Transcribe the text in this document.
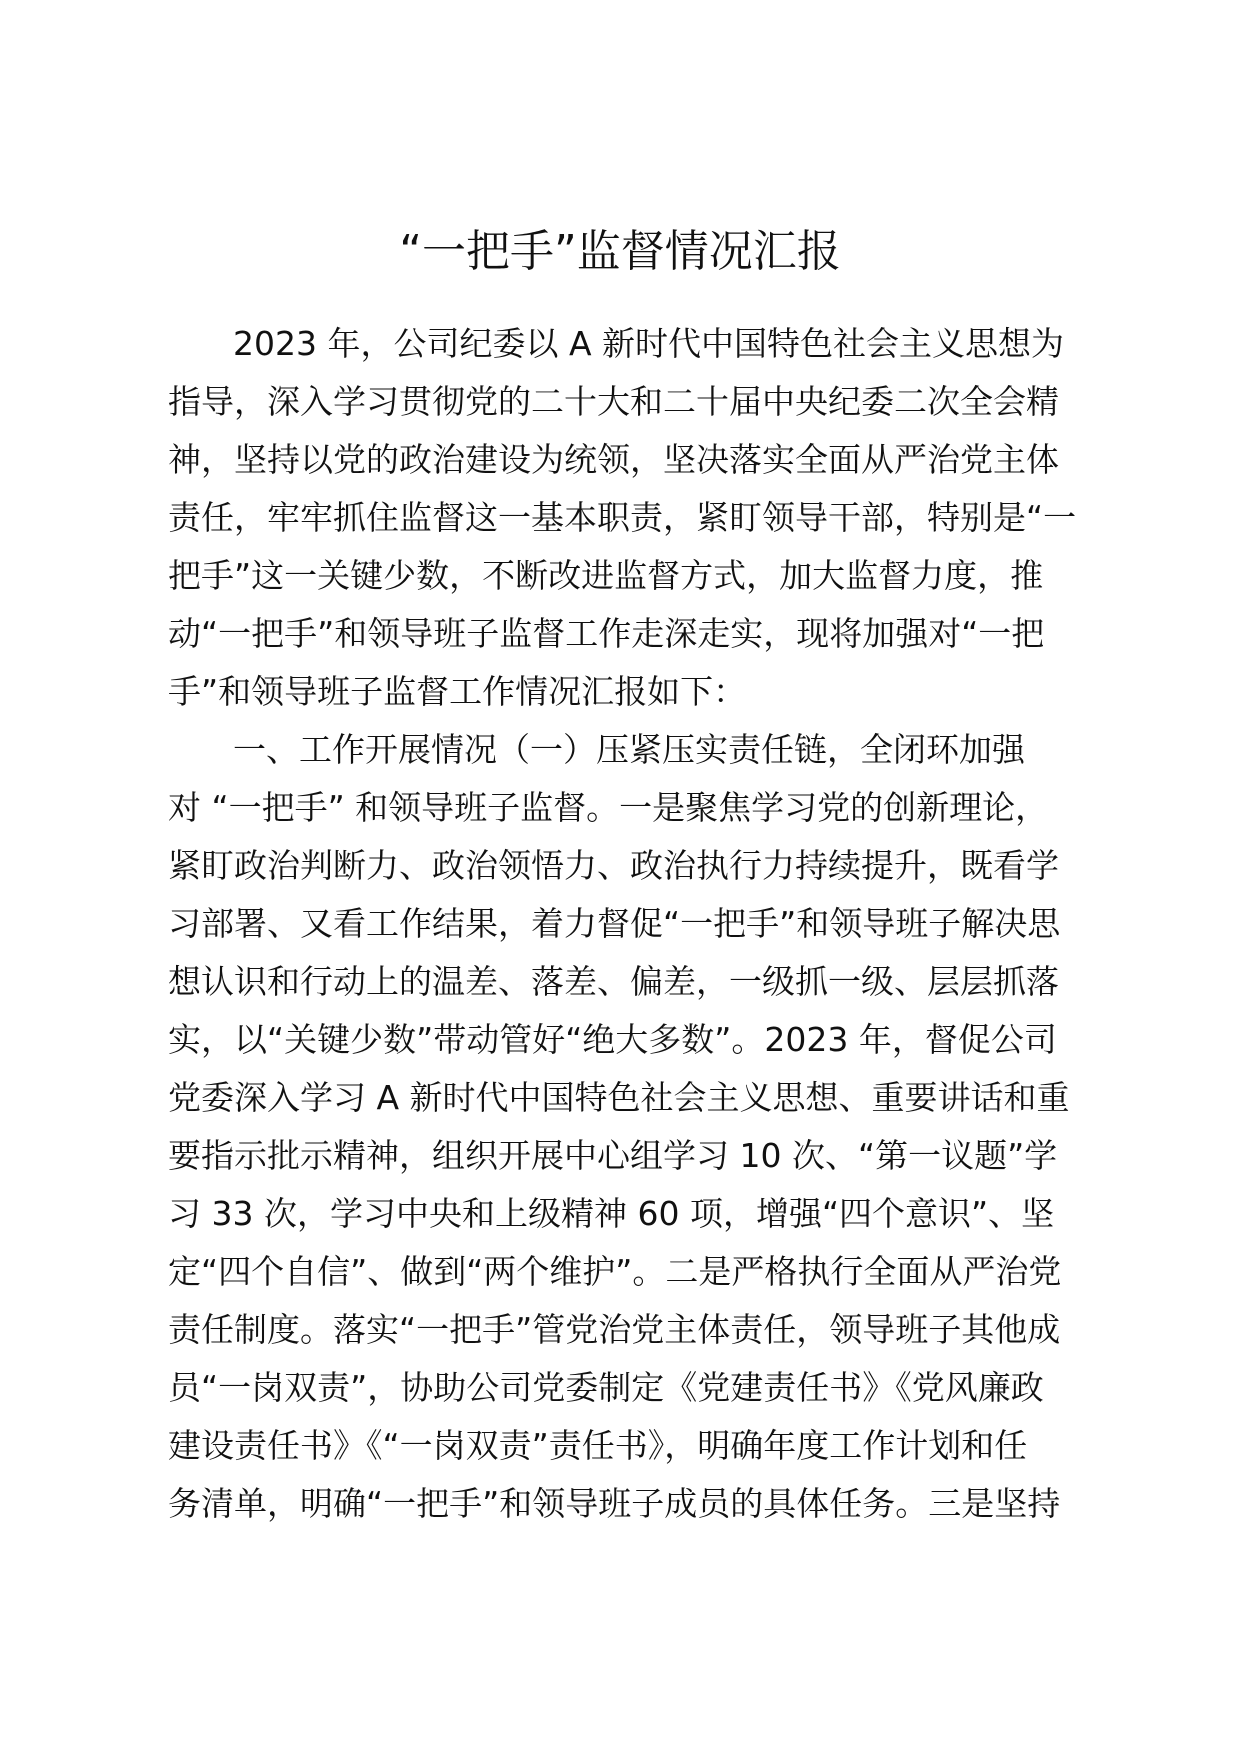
“一把手”监督情况汇报
2023 年，公司纪委以 A 新时代中国特色社会主义思想为
指导，深入学习贯彻党的二十大和二十届中央纪委二次全会精
神，坚持以党的政治建设为统领，坚决落实全面从严治党主体
责任，牢牢抓住监督这一基本职责，紧盯领导干部，特别是“一
把手”这一关键少数，不断改进监督方式，加大监督力度，推
动“一把手”和领导班子监督工作走深走实，现将加强对“一把
手”和领导班子监督工作情况汇报如下：
一、工作开展情况（一）压紧压实责任链，全闭环加强
对 “一把手” 和领导班子监督。一是聚焦学习党的创新理论，
紧盯政治判断力、政治领悟力、政治执行力持续提升，既看学
习部署、又看工作结果，着力督促“一把手”和领导班子解决思
想认识和行动上的温差、落差、偏差，一级抓一级、层层抓落
实，以“关键少数”带动管好“绝大多数”。2023 年，督促公司
党委深入学习 A 新时代中国特色社会主义思想、重要讲话和重
要指示批示精神，组织开展中心组学习 10 次、“第一议题”学
习 33 次，学习中央和上级精神 60 项，增强“四个意识”、坚
定“四个自信”、做到“两个维护”。二是严格执行全面从严治党
责任制度。落实“一把手”管党治党主体责任，领导班子其他成
员“一岗双责”，协助公司党委制定《党建责任书》《党风廉政
建设责任书》《“一岗双责”责任书》，明确年度工作计划和任
务清单，明确“一把手”和领导班子成员的具体任务。三是坚持
